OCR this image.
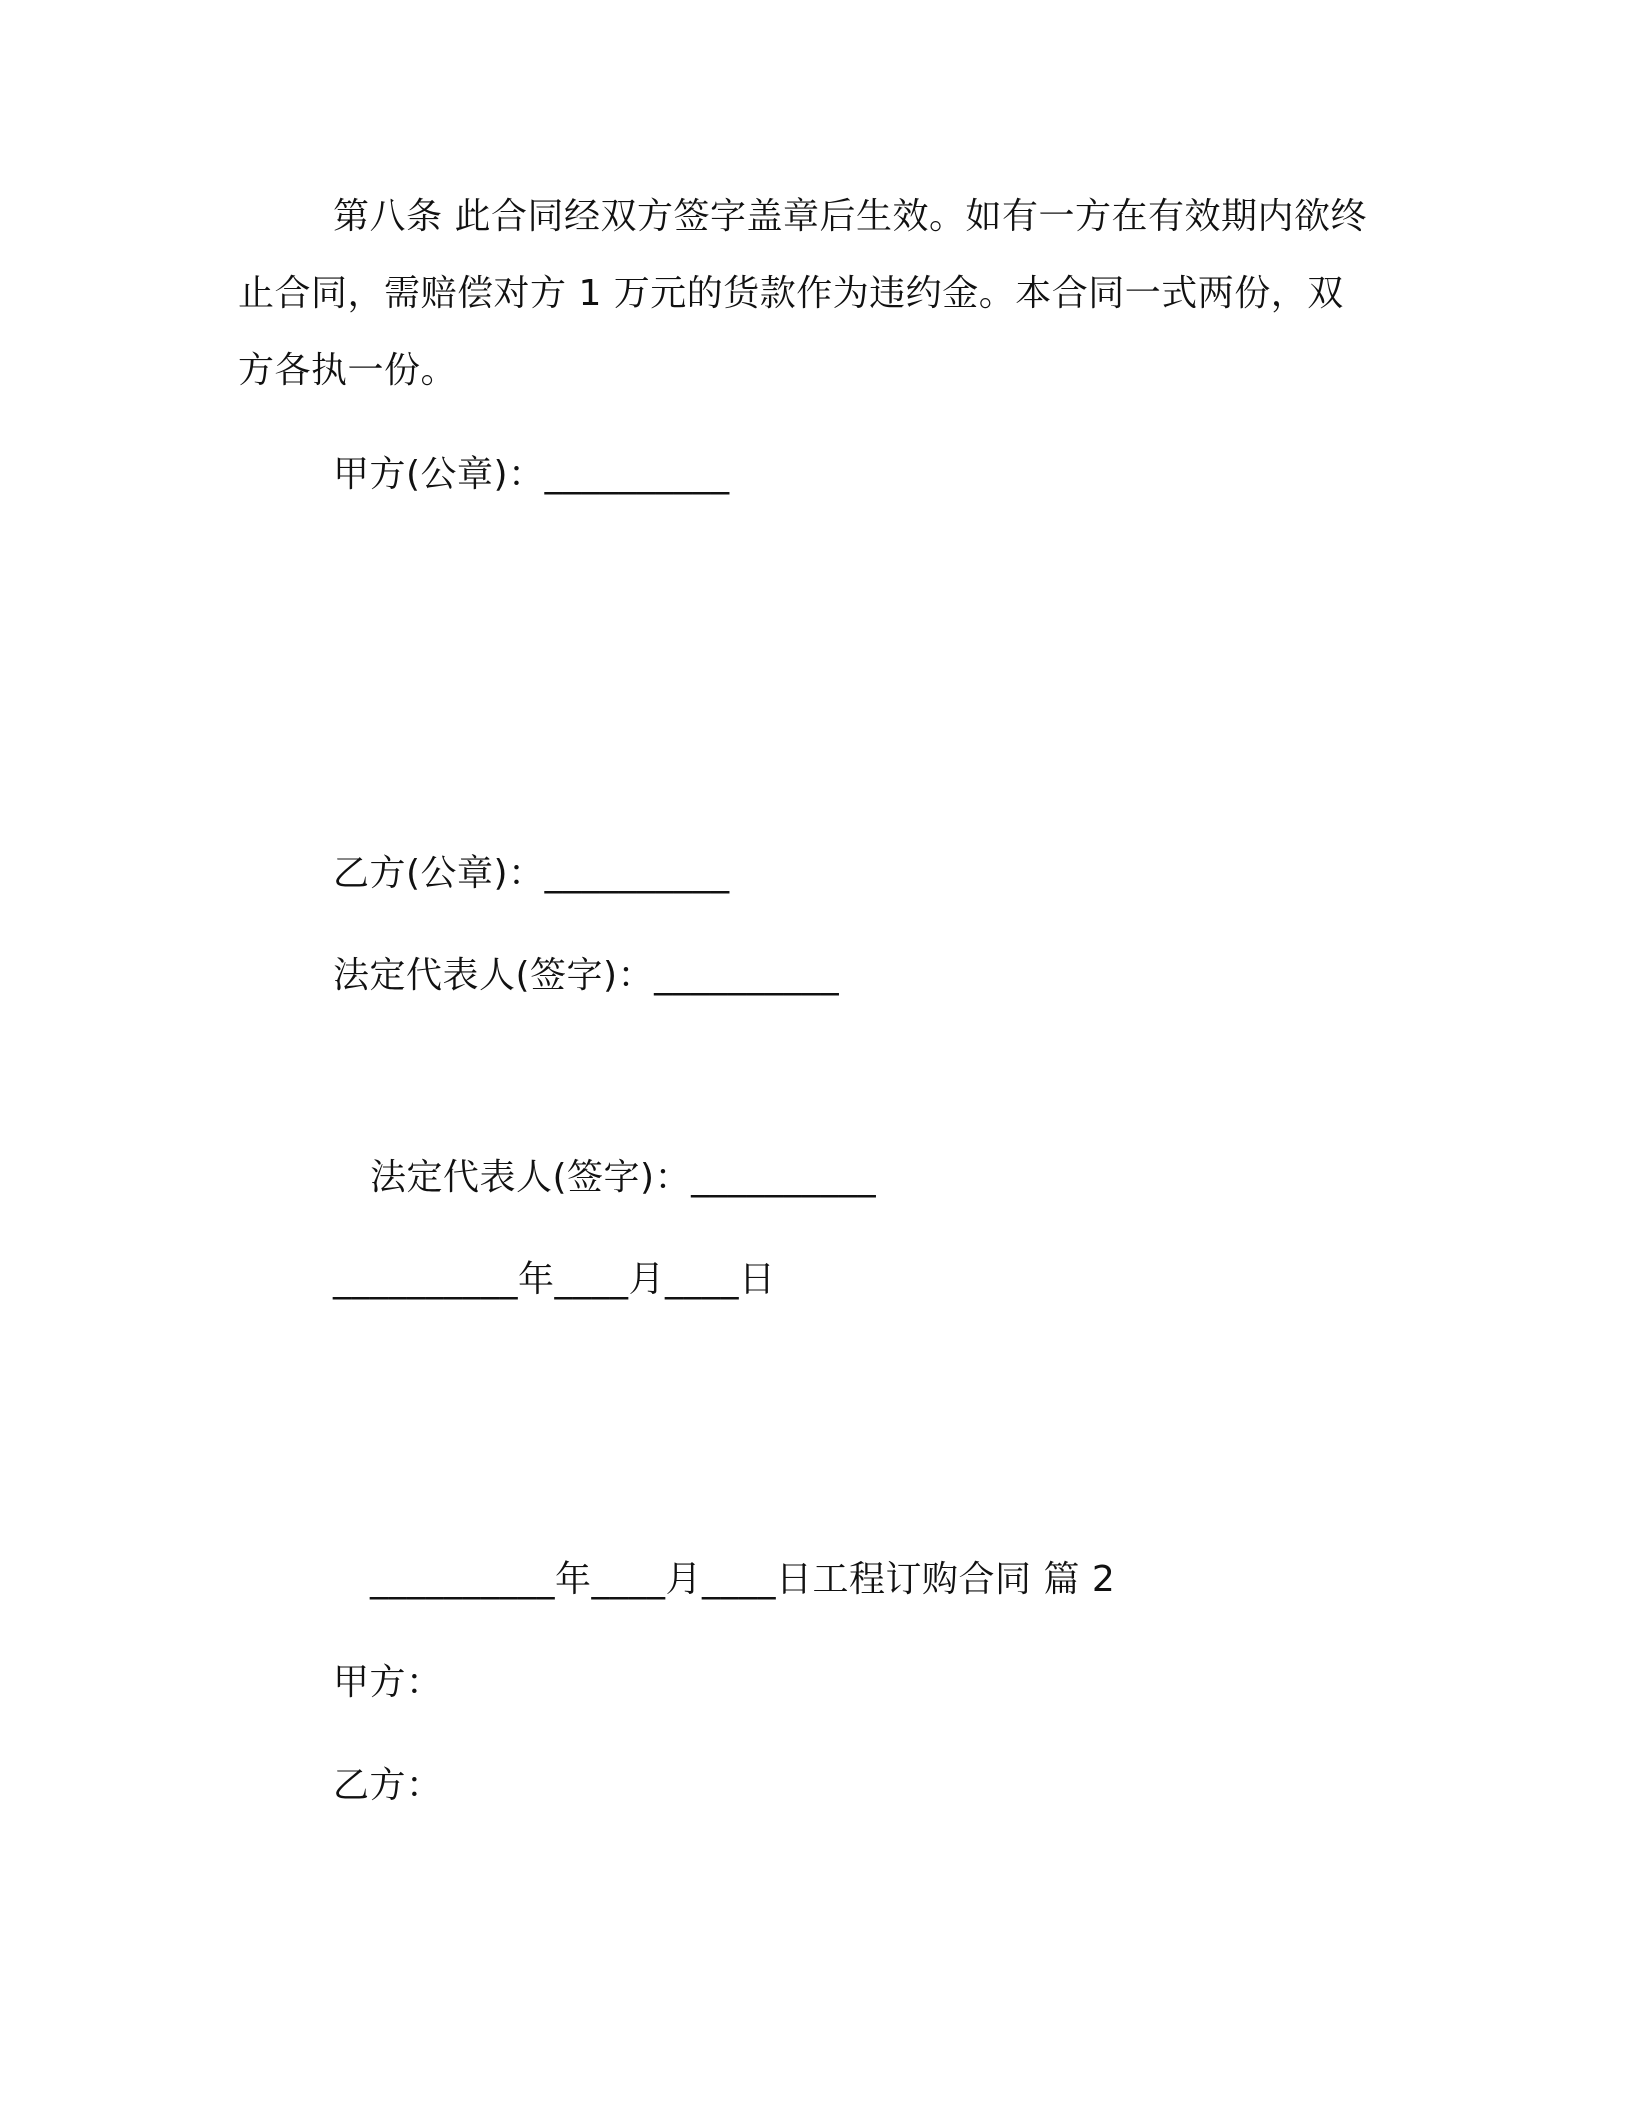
第八条 此合同经双方签字盖章后生效。如有一方在有效期内欲终
止合同，需赔偿对方 1 万元的货款作为违约金。本合同一式两份，双
方各执一份。
甲方(公章)：__________
乙方(公章)：__________
法定代表人(签字)：__________
法定代表人(签字)：__________
__________年____月____日
__________年____月____日工程订购合同 篇 2
甲方：
乙方：
